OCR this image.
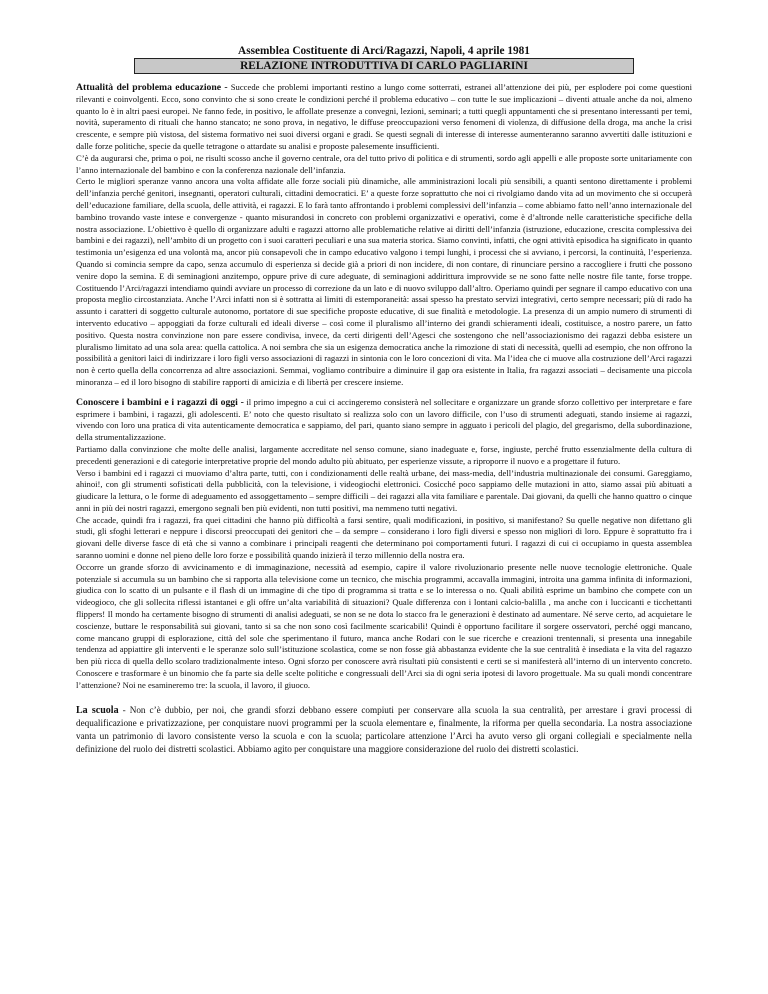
Assemblea Costituente di Arci/Ragazzi, Napoli, 4 aprile 1981

RELAZIONE INTRODUTTIVA DI CARLO PAGLIARINI

Attualità del problema educazione - Succede che problemi importanti restino a lungo come sotterrati, estranei all’attenzione dei più, per esplodere poi come questioni rilevanti e coinvolgenti. Ecco, sono convinto che si sono create le condizioni perché il problema educativo – con tutte le sue implicazioni – diventi attuale anche da noi, almeno quanto lo è in altri paesi europei. Ne fanno fede, in positivo, le affollate presenze a convegni, lezioni, seminari; a tutti quegli appuntamenti che si presentano interessanti per temi, novità, superamento di rituali che hanno stancato; ne sono prova, in negativo, le diffuse preoccupazioni verso fenomeni di violenza, di diffusione della droga, ma anche la crisi crescente, e sempre più vistosa, del sistema formativo nei suoi diversi organi e gradi. Se questi segnali di interesse di interesse aumenteranno saranno avvertiti dalle istituzioni e dalle forze politiche, specie da quelle tetragone o attardate su analisi e proposte palesemente insufficienti.

C’è da augurarsi che, prima o poi, ne risulti scosso anche il governo centrale, ora del tutto privo di politica e di strumenti, sordo agli appelli e alle proposte sorte unitariamente con l’anno internazionale del bambino e con la conferenza nazionale dell’infanzia.

Certo le migliori speranze vanno ancora una volta affidate alle forze sociali più dinamiche, alle amministrazioni locali più sensibili, a quanti sentono direttamente i problemi dell’infanzia perché genitori, insegnanti, operatori culturali, cittadini democratici. E’ a queste forze soprattutto che noi ci rivolgiamo dando vita ad un movimento che si occuperà dell’educazione familiare, della scuola, delle attività, ei ragazzi. E lo farà tanto affrontando i problemi complessivi dell’infanzia – come abbiamo fatto nell’anno internazionale del bambino trovando vaste intese e convergenze - quanto misurandosi in concreto con problemi organizzativi e operativi, come è d’altronde nelle caratteristiche specifiche della nostra associazione. L’obiettivo è quello di organizzare adulti e ragazzi attorno alle problematiche relative ai diritti dell’infanzia (istruzione, educazione, crescita complessiva dei bambini e dei ragazzi), nell’ambito di un progetto con i suoi caratteri peculiari e una sua materia storica. Siamo convinti, infatti, che ogni attività episodica ha significato in quanto testimonia un’esigenza ed una volontà ma, ancor più consapevoli che in campo educativo valgono i tempi lunghi, i processi che si avviano, i percorsi, la continuità, l’esperienza. Quando si comincia sempre da capo, senza accumulo di esperienza si decide già a priori di non incidere, di non contare, di rinunciare persino a raccogliere i frutti che possono venire dopo la semina. E di seminagioni anzitempo, oppure prive di cure adeguate, di seminagioni addirittura improvvide se ne sono fatte nelle nostre file tante, forse troppe. Costituendo l’Arci/ragazzi intendiamo quindi avviare un processo di correzione da un lato e di nuovo sviluppo dall’altro. Operiamo quindi per segnare il campo educativo con una proposta meglio circostanziata. Anche l’Arci infatti non si è sottratta ai limiti di estemporaneità: assai spesso ha prestato servizi integrativi, certo sempre necessari; più di rado ha assunto i caratteri di soggetto culturale autonomo, portatore di sue specifiche proposte educative, di sue finalità e metodologie. La presenza di un ampio numero di strumenti di intervento educativo – appoggiati da forze culturali ed ideali diverse – così come il pluralismo all’interno dei grandi schieramenti ideali, costituisce, a nostro parere, un fatto positivo. Questa nostra convinzione non pare essere condivisa, invece, da certi dirigenti dell’Agesci che sostengono che nell’associazionismo dei ragazzi debba esistere un pluralismo limitato ad una sola area: quella cattolica. A noi sembra che sia un esigenza democratica anche la rimozione di stati di necessità, quelli ad esempio, che non offrono la possibilità a genitori laici di indirizzare i loro figli verso associazioni di ragazzi in sintonia con le loro concezioni di vita. Ma l’idea che ci muove alla costruzione dell’Arci ragazzi non è certo quella della concorrenza ad altre associazioni. Semmai, vogliamo contribuire a diminuire il gap ora esistente in Italia, fra ragazzi associati – decisamente una piccola minoranza – ed il loro bisogno di stabilire rapporti di amicizia e di libertà per crescere insieme.

Conoscere i bambini e i ragazzi di oggi - il primo impegno a cui ci accingeremo consisterà nel sollecitare e organizzare un grande sforzo collettivo per interpretare e fare esprimere i bambini, i ragazzi, gli adolescenti. E’ noto che questo risultato si realizza solo con un lavoro difficile, con l’uso di strumenti adeguati, stando insieme ai ragazzi, vivendo con loro una pratica di vita autenticamente democratica e sappiamo, del pari, quanto siano sempre in agguato i pericoli del plagio, del gregarismo, della subordinazione, della strumentalizzazione.

Partiamo dalla convinzione che molte delle analisi, largamente accreditate nel senso comune, siano inadeguate e, forse, ingiuste, perché frutto essenzialmente della cultura di precedenti generazioni e di categorie interpretative proprie del mondo adulto più abituato, per esperienze vissute, a riproporre il nuovo e a progettare il futuro.

Verso i bambini ed i ragazzi ci muoviamo d’altra parte, tutti, con i condizionamenti delle realtà urbane, dei mass-media, dell’industria multinazionale dei consumi. Gareggiamo, ahinoi!, con gli strumenti sofisticati della pubblicità, con la televisione, i videogiochi elettronici. Cosicché poco sappiamo delle mutazioni in atto, siamo assai più abituati a giudicare la lettura, o le forme di adeguamento ed assoggettamento – sempre difficili – dei ragazzi alla vita familiare e parentale. Dai giovani, da quelli che hanno quattro o cinque anni in più dei nostri ragazzi, emergono segnali ben più evidenti, non tutti positivi, ma nemmeno tutti negativi.

Che accade, quindi fra i ragazzi, fra quei cittadini che hanno più difficoltà a farsi sentire, quali modificazioni, in positivo, si manifestano? Su quelle negative non difettano gli studi, gli sfoghi letterari e neppure i discorsi preoccupati dei genitori che – da sempre – considerano i loro figli diversi e spesso non migliori di loro. Eppure è soprattutto fra i giovani delle diverse fasce di età che si vanno a combinare i principali reagenti che determinano poi comportamenti futuri. I ragazzi di cui ci occupiamo in questa assemblea saranno uomini e donne nel pieno delle loro forze e possibilità quando inizierà il terzo millennio della nostra era.

Occorre un grande sforzo di avvicinamento e di immaginazione, necessità ad esempio, capire il valore rivoluzionario presente nelle nuove tecnologie elettroniche. Quale potenziale si accumula su un bambino che si rapporta alla televisione come un tecnico, che mischia programmi, accavalla immagini, introita una gamma infinita di informazioni, giudica con lo scatto di un pulsante e il flash di un immagine di che tipo di programma si tratta e se lo interessa o no. Quali abilità esprime un bambino che compete con un videogioco, che gli sollecita riflessi istantanei e gli offre un’alta variabilità di situazioni? Quale differenza con i lontani calcio-balilla , ma anche con i luccicanti e ticchettanti flippers! Il mondo ha certamente bisogno di strumenti di analisi adeguati, se non se ne dota lo stacco fra le generazioni è destinato ad aumentare. Né serve certo, ad acquietare le coscienze, buttare le responsabilità sui giovani, tanto si sa che non sono così facilmente scaricabili! Quindi è opportuno facilitare il sorgere osservatori, perché oggi mancano, come mancano gruppi di esplorazione, città del sole che sperimentano il futuro, manca anche Rodari con le sue ricerche e creazioni trentennali, si presenta una innegabile tendenza ad appiattire gli interventi e le speranze solo sull’istituzione scolastica, come se non fosse già abbastanza evidente che la sue centralità è insediata e la vita del ragazzo ben più ricca di quella dello scolaro tradizionalmente inteso. Ogni sforzo per conoscere avrà risultati più consistenti e certi se si manifesterà all’interno di un intervento concreto. Conoscere e trasformare è un binomio che fa parte sia delle scelte politiche e congressuali dell’Arci sia di ogni seria ipotesi di lavoro progettuale. Ma su quali mondi concentrare l’attenzione? Noi ne esamineremo tre: la scuola, il lavoro, il giuoco.

La scuola - Non c’è dubbio, per noi, che grandi sforzi debbano essere compiuti per conservare alla scuola la sua centralità, per arrestare i gravi processi di dequalificazione e privatizzazione, per conquistare nuovi programmi per la scuola elementare e, finalmente, la riforma per quella secondaria. La nostra associazione vanta un patrimonio di lavoro consistente verso la scuola e con la scuola; particolare attenzione l’Arci ha avuto verso gli organi collegiali e specialmente nella definizione del ruolo dei distretti scolastici. Abbiamo agito per conquistare una maggiore considerazione del ruolo dei distretti scolastici.
